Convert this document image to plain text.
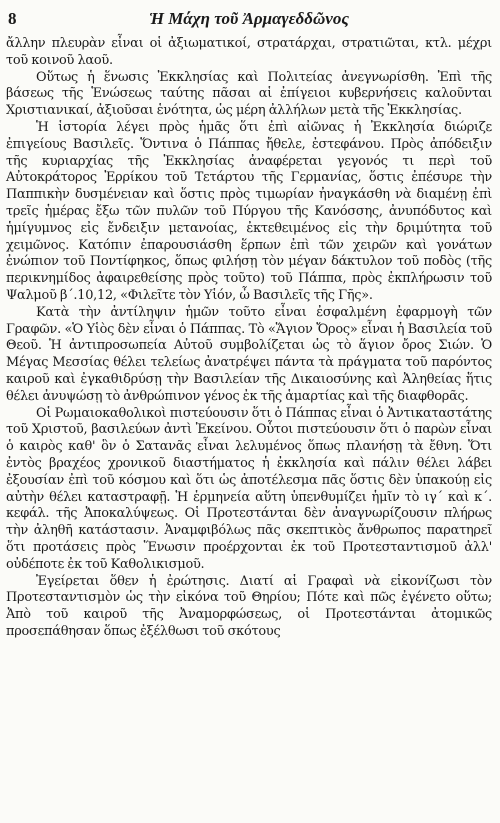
8	Ἡ Μάχη τοῦ Ἀρμαγεδδῶνος

ἄλλην πλευρὰν εἶναι οἱ ἀξιωματικοί, στρατάρχαι, στρατιῶται, κτλ. μέχρι τοῦ κοινοῦ λαοῦ.

Οὕτως ἡ ἕνωσις Ἐκκλησίας καὶ Πολιτείας ἀνεγνωρίσθη. Ἐπὶ τῆς βάσεως τῆς Ἑνώσεως ταύτης πᾶσαι αἱ ἐπίγειοι κυβερνήσεις καλοῦνται Χριστιανικαί, ἀξιοῦσαι ἑνότητα, ὡς μέρη ἀλλήλων μετὰ τῆς Ἐκκλησίας.

Ἡ ἱστορία λέγει πρὸς ἡμᾶς ὅτι ἐπὶ αἰῶνας ἡ Ἐκκλησία διώριζε ἐπιγείους Βασιλεῖς. Ὅντινα ὁ Πάππας ἤθελε, ἐστεφάνου. Πρὸς ἀπόδειξιν τῆς κυριαρχίας τῆς Ἐκκλησίας ἀναφέρεται γεγονός τι περὶ τοῦ Αὐτοκράτορος Ἐρρίκου τοῦ Τετάρτου τῆς Γερμανίας, ὅστις ἐπέσυρε τὴν Παππικὴν δυσμένειαν καὶ ὅστις πρὸς τιμωρίαν ἠναγκάσθη νὰ διαμένῃ ἐπὶ τρεῖς ἡμέρας ἔξω τῶν πυλῶν τοῦ Πύργου τῆς Κανόσσης, ἀνυπόδυτος καὶ ἡμίγυμνος εἰς ἔνδειξιν μετανοίας, ἐκτεθειμένος εἰς τὴν δριμύτητα τοῦ χειμῶνος. Κατόπιν ἐπαρουσιάσθη ἕρπων ἐπὶ τῶν χειρῶν καὶ γονάτων ἐνώπιον τοῦ Ποντίφηκος, ὅπως φιλήσῃ τὸν μέγαν δάκτυλον τοῦ ποδὸς (τῆς περικνημίδος ἀφαιρεθείσης πρὸς τοῦτο) τοῦ Πάππα, πρὸς ἐκπλήρωσιν τοῦ Ψαλμοῦ β΄.10,12, «Φιλεῖτε τὸν Υἱόν, ὦ Βασιλεῖς τῆς Γῆς».

Κατὰ τὴν ἀντίληψιν ἡμῶν τοῦτο εἶναι ἐσφαλμένη ἐφαρμογὴ τῶν Γραφῶν. «Ὁ Υἱὸς δὲν εἶναι ὁ Πάππας. Τὸ «Ἅγιον Ὄρος» εἶναι ἡ Βασιλεία τοῦ Θεοῦ. Ἡ ἀντιπροσωπεία Αὐτοῦ συμβολίζεται ὡς τὸ ἅγιον ὄρος Σιών. Ὁ Μέγας Μεσσίας θέλει τελείως ἀνατρέψει πάντα τὰ πράγματα τοῦ παρόντος καιροῦ καὶ ἐγκαθιδρύσῃ τὴν Βασιλείαν τῆς Δικαιοσύνης καὶ Ἀληθείας ἥτις θέλει ἀνυψώσῃ τὸ ἀνθρώπινον γένος ἐκ τῆς ἁμαρτίας καὶ τῆς διαφθορᾶς.

Οἱ Ρωμαιοκαθολικοὶ πιστεύουσιν ὅτι ὁ Πάππας εἶναι ὁ Ἀντικαταστάτης τοῦ Χριστοῦ, βασιλεύων ἀντὶ Ἐκείνου. Οὗτοι πιστεύουσιν ὅτι ὁ παρὼν εἶναι ὁ καιρὸς καθ' ὃν ὁ Σατανᾶς εἶναι λελυμένος ὅπως πλανήσῃ τὰ ἔθνη. Ὅτι ἐντὸς βραχέος χρονικοῦ διαστήματος ἡ ἐκκλησία καὶ πάλιν θέλει λάβει ἐξουσίαν ἐπὶ τοῦ κόσμου καὶ ὅτι ὡς ἀποτέλεσμα πᾶς ὅστις δὲν ὑπακούῃ εἰς αὐτὴν θέλει καταστραφῇ. Ἡ ἑρμηνεία αὕτη ὑπενθυμίζει ἡμῖν τὸ ιγ΄ καὶ κ΄. κεφάλ. τῆς Ἀποκαλύψεως. Οἱ Προτεστάνται δὲν ἀναγνωρίζουσιν πλήρως τὴν ἀληθῆ κατάστασιν. Ἀναμφιβόλως πᾶς σκεπτικὸς ἄνθρωπος παρατηρεῖ ὅτι προτάσεις πρὸς Ἕνωσιν προέρχονται ἐκ τοῦ Προτεσταντισμοῦ ἀλλ' οὐδέποτε ἐκ τοῦ Καθολικισμοῦ.

Ἐγείρεται ὅθεν ἡ ἐρώτησις. Διατί αἱ Γραφαὶ νὰ εἰκονίζωσι τὸν Προτεσταντισμὸν ὡς τὴν εἰκόνα τοῦ Θηρίου; Πότε καὶ πῶς ἐγένετο οὕτω; Ἀπὸ τοῦ καιροῦ τῆς Ἀναμορφώσεως, οἱ Προτεστάνται ἀτομικῶς προσεπάθησαν ὅπως ἐξέλθωσι τοῦ σκότους
